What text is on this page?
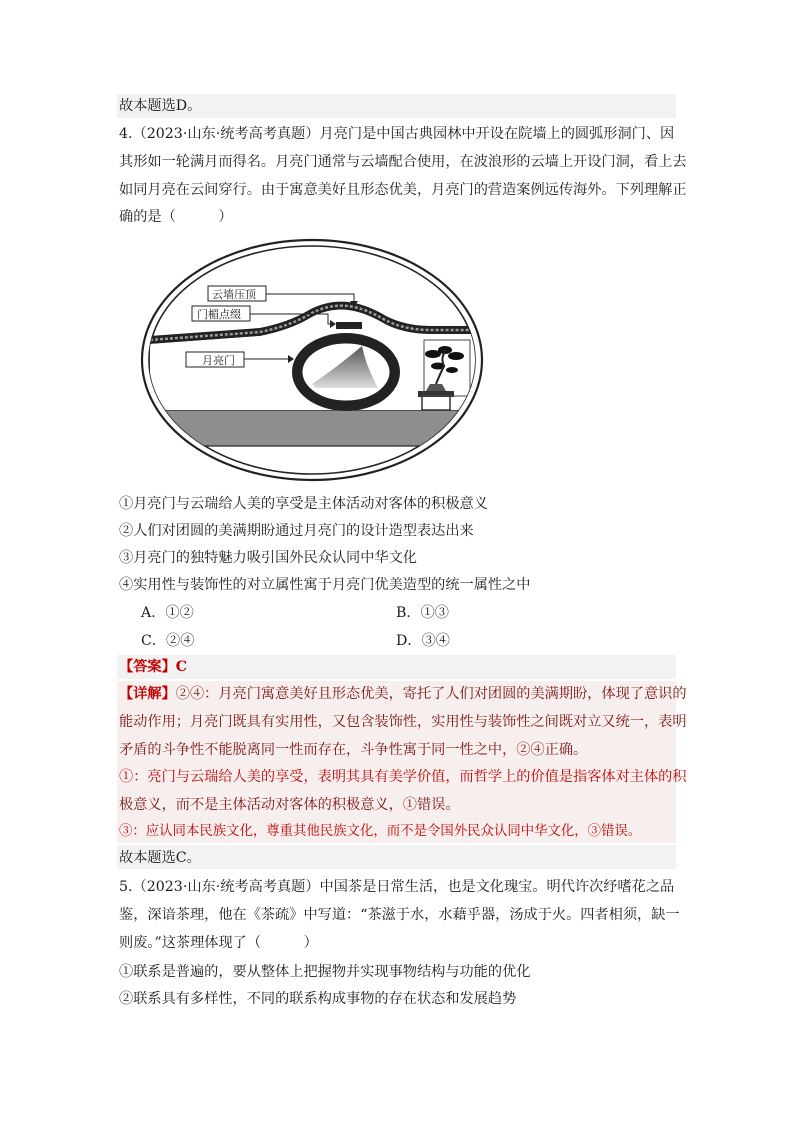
故本题选D。
4.（2023·山东·统考高考真题）月亮门是中国古典园林中开设在院墙上的圆弧形洞门、因
其形如一轮满月而得名。月亮门通常与云墙配合使用，在波浪形的云墙上开设门洞，看上去
如同月亮在云间穿行。由于寓意美好且形态优美，月亮门的营造案例远传海外。下列理解正
确的是（　　　）
云墙压顶
门楣点缀
月亮门
①月亮门与云瑞给人美的享受是主体活动对客体的积极意义
②人们对团圆的美满期盼通过月亮门的设计造型表达出来
③月亮门的独特魅力吸引国外民众认同中华文化
④实用性与装饰性的对立属性寓于月亮门优美造型的统一属性之中
A．①②	B．①③
C．②④	D．③④
【答案】C
【详解】②④：月亮门寓意美好且形态优美，寄托了人们对团圆的美满期盼，体现了意识的
能动作用；月亮门既具有实用性，又包含装饰性，实用性与装饰性之间既对立又统一，表明
矛盾的斗争性不能脱离同一性而存在，斗争性寓于同一性之中，②④正确。
①：亮门与云瑞给人美的享受，表明其具有美学价值，而哲学上的价值是指客体对主体的积
极意义，而不是主体活动对客体的积极意义，①错误。
③：应认同本民族文化，尊重其他民族文化，而不是令国外民众认同中华文化，③错误。
故本题选C。
5.（2023·山东·统考高考真题）中国茶是日常生活，也是文化瑰宝。明代许次纾嗜花之品
鉴，深谙茶理，他在《茶疏》中写道：“茶滋于水，水藉乎器，汤成于火。四者相须，缺一
则废。”这茶理体现了（　　　）
①联系是普遍的，要从整体上把握物并实现事物结构与功能的优化
②联系具有多样性，不同的联系构成事物的存在状态和发展趋势
